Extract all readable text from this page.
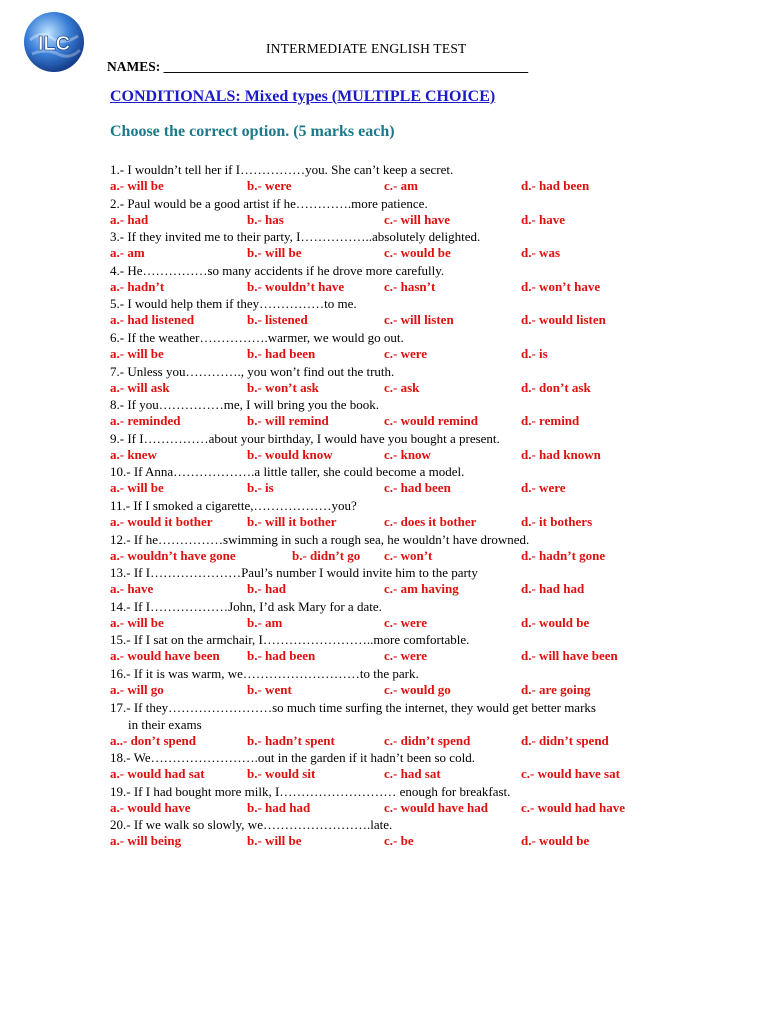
ILC	INTERMEDIATE ENGLISH TEST
NAMES: ______________________________________________________
CONDITIONALS: Mixed types (MULTIPLE CHOICE)
Choose the correct option. (5 marks each)
1.- I wouldn’t tell her if I……………you. She can’t keep a secret.
a.- will be	b.- were	c.- am	d.- had been
2.- Paul would be a good artist if he………….more patience.
a.- had	b.- has	c.- will have	d.- have
3.- If they invited me to their party, I……………..absolutely delighted.
a.- am	b.- will be	c.- would be	d.- was
4.- He……………so many accidents if he drove more carefully.
a.- hadn’t	b.- wouldn’t have	c.- hasn’t	d.- won’t have
5.- I would help them if they……………to me.
a.- had listened	b.- listened	c.- will listen	d.- would listen
6.- If the weather…………….warmer, we would go out.
a.- will be	b.- had been	c.- were	d.- is
7.- Unless you…………., you won’t find out the truth.
a.- will ask	b.- won’t ask	c.- ask	d.- don’t ask
8.- If you……………me, I will bring you the book.
a.- reminded	b.- will remind	c.- would remind	d.- remind
9.- If I……………about your birthday, I would have you bought a present.
a.- knew	b.- would know	c.- know	d.- had known
10.- If Anna……………….a little taller, she could become a model.
a.- will be	b.- is	c.- had been	d.- were
11.- If I smoked a cigarette,………………you?
a.- would it bother	b.- will it bother	c.- does it bother	d.- it bothers
12.- If he……………swimming in such a rough sea, he wouldn’t have drowned.
a.- wouldn’t have gone	b.- didn’t go c.- won’t	d.- hadn’t gone
13.- If I…………………Paul’s number I would invite him to the party
a.- have	b.- had	c.- am having	d.- had had
14.- If I………………John, I’d ask Mary for a date.
a.- will be	b.- am	c.- were	d.- would be
15.- If I sat on the armchair, I……………………..more comfortable.
a.- would have been b.- had been	c.- were	d.- will have been
16.- If it is was warm, we………………………to the park.
a.- will go	b.- went	c.- would go	d.- are going
17.- If they……………………so much time surfing the internet, they would get better marks
in their exams
a..- don’t spend	b.- hadn’t spent	c.- didn’t spend	d.- didn’t spend
18.- We…………………….out in the garden if it hadn’t been so cold.
a.- would had sat	b.- would sit	c.- had sat	c.- would have sat
19.- If I had bought more milk, I……………………… enough for breakfast.
a.- would have	b.- had had	c.- would have had	c.- would had have
20.- If we walk so slowly, we…………………….late.
a.- will being	b.- will be	c.- be	d.- would be
